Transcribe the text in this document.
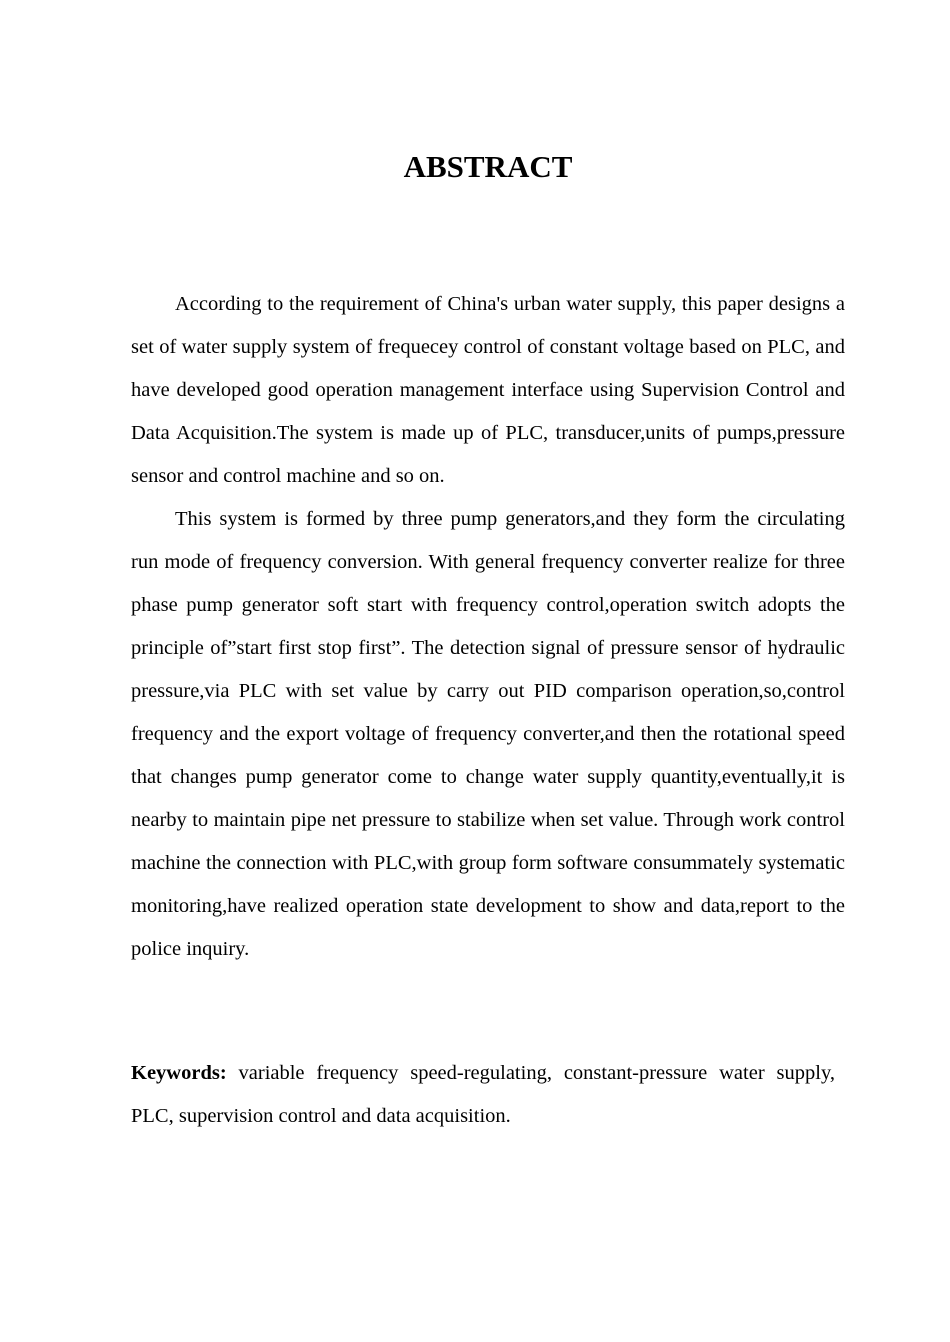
ABSTRACT

According to the requirement of China's urban water supply, this paper designs a set of water supply system of frequecey control of constant voltage based on PLC, and have developed good operation management interface using Supervision Control and Data Acquisition.The system is made up of PLC, transducer,units of pumps,pressure sensor and control machine and so on.

This system is formed by three pump generators,and they form the circulating run mode of frequency conversion. With general frequency converter realize for three phase pump generator soft start with frequency control,operation switch adopts the principle of”start first stop first”. The detection signal of pressure sensor of hydraulic pressure,via PLC with set value by carry out PID comparison operation,so,control frequency and the export voltage of frequency converter,and then the rotational speed that changes pump generator come to change water supply quantity,eventually,it is nearby to maintain pipe net pressure to stabilize when set value. Through work control machine the connection with PLC,with group form software consummately systematic monitoring,have realized operation state development to show and data,report to the police inquiry.

Keywords: variable frequency speed-regulating, constant-pressure water supply, PLC, supervision control and data acquisition.
